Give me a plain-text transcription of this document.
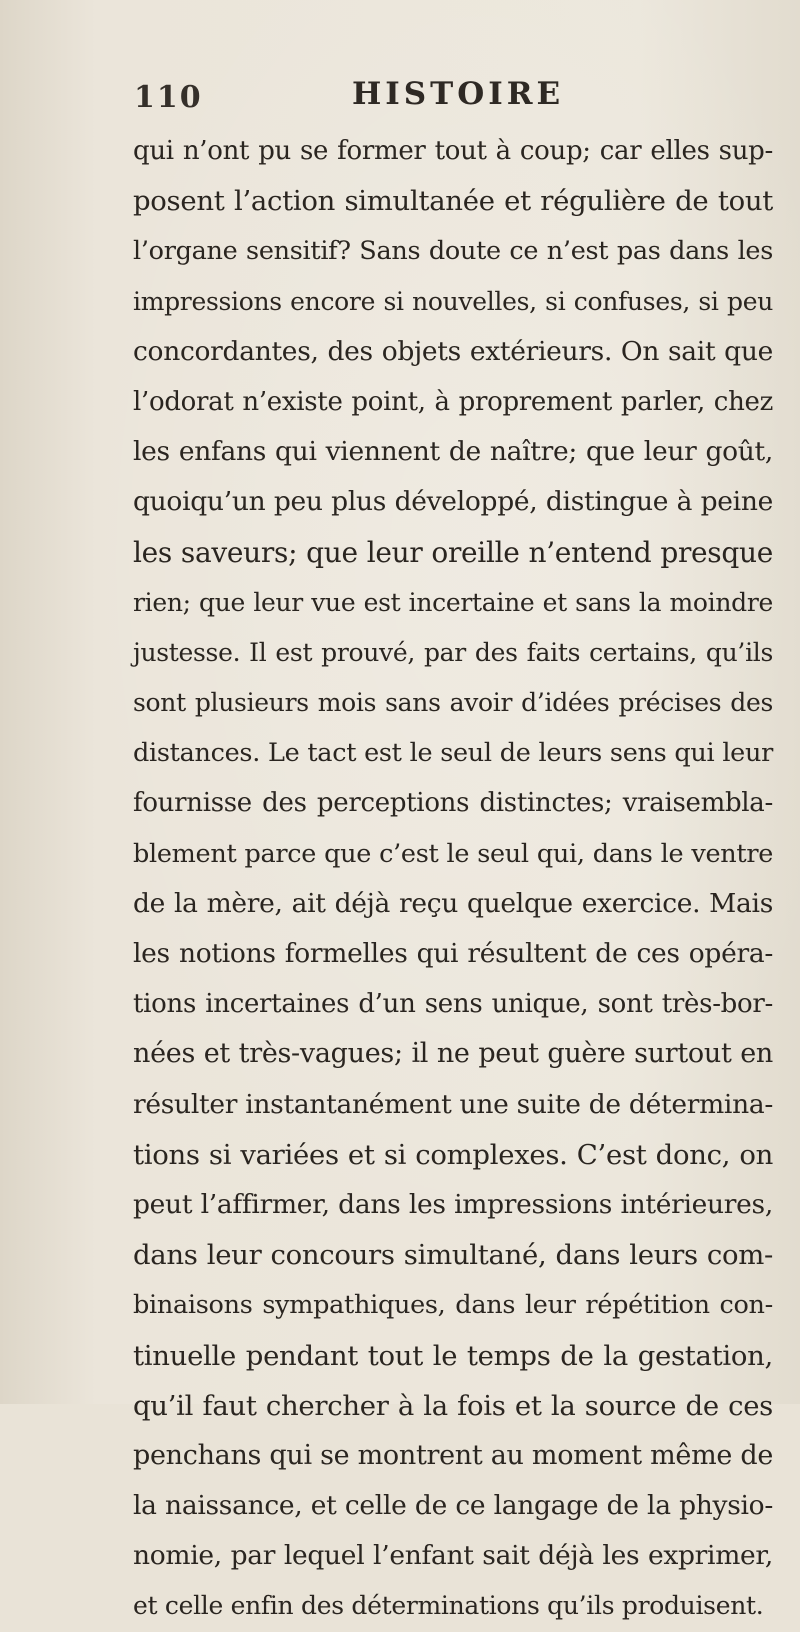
110	HISTOIRE
qui n’ont pu se former tout à coup; car elles sup-
posent l’action simultanée et régulière de tout
l’organe sensitif? Sans doute ce n’est pas dans les
impressions encore si nouvelles, si confuses, si peu
concordantes, des objets extérieurs. On sait que
l’odorat n’existe point, à proprement parler, chez
les enfans qui viennent de naître; que leur goût,
quoiqu’un peu plus développé, distingue à peine
les saveurs; que leur oreille n’entend presque
rien; que leur vue est incertaine et sans la moindre
justesse. Il est prouvé, par des faits certains, qu’ils
sont plusieurs mois sans avoir d’idées précises des
distances. Le tact est le seul de leurs sens qui leur
fournisse des perceptions distinctes; vraisembla-
blement parce que c’est le seul qui, dans le ventre
de la mère, ait déjà reçu quelque exercice. Mais
les notions formelles qui résultent de ces opéra-
tions incertaines d’un sens unique, sont très-bor-
nées et très-vagues; il ne peut guère surtout en
résulter instantanément une suite de détermina-
tions si variées et si complexes. C’est donc, on
peut l’affirmer, dans les impressions intérieures,
dans leur concours simultané, dans leurs com-
binaisons sympathiques, dans leur répétition con-
tinuelle pendant tout le temps de la gestation,
qu’il faut chercher à la fois et la source de ces
penchans qui se montrent au moment même de
la naissance, et celle de ce langage de la physio-
nomie, par lequel l’enfant sait déjà les exprimer,
et celle enfin des déterminations qu’ils produisent.
